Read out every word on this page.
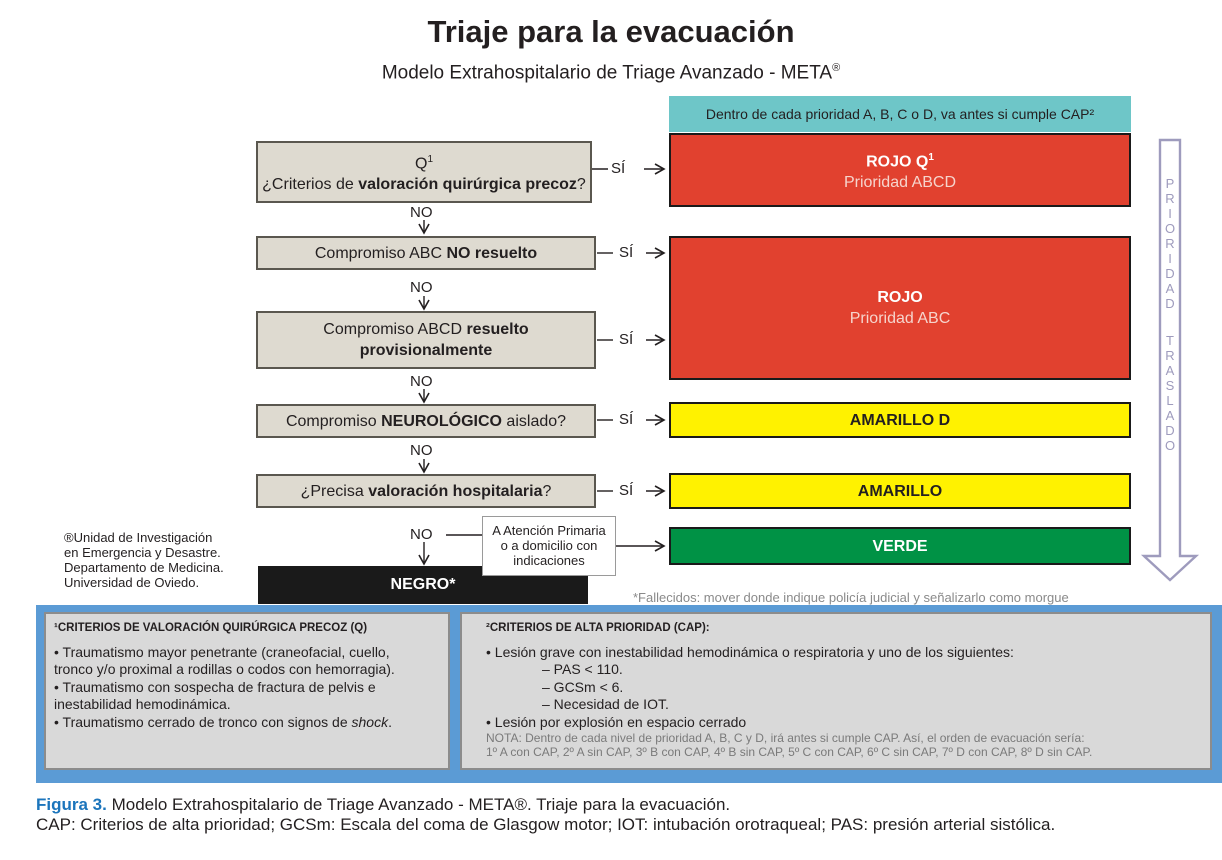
Triaje para la evacuación
Modelo Extrahospitalario de Triage Avanzado - META®
Dentro de cada prioridad A, B, C o D, va antes si cumple CAP²
$Q^1$
¿Criterios de valoración quirúrgica precoz?
Compromiso ABC NO resuelto
Compromiso ABCD resuelto
provisionalmente
Compromiso NEUROLÓGICO aislado?
¿Precisa valoración hospitalaria?
SÍ
SÍ
SÍ
SÍ
SÍ
NO
NO
NO
NO
NO
ROJO $Q^1$
Prioridad ABCD
ROJO
Prioridad ABC
AMARILLO D
AMARILLO
VERDE
NEGRO*
A Atención Primaria
o a domicilio con
indicaciones
®Unidad de Investigación
en Emergencia y Desastre.
Departamento de Medicina.
Universidad de Oviedo.
*Fallecidos: mover donde indique policía judicial y señalizarlo como morgue
P
R
I
O
R
I
D
A
D
T
R
A
S
L
A
D
O
¹CRITERIOS DE VALORACIÓN QUIRÚRGICA PRECOZ (Q)
• Traumatismo mayor penetrante (craneofacial, cuello,
tronco y/o proximal a rodillas o codos con hemorragia).
• Traumatismo con sospecha de fractura de pelvis e
inestabilidad hemodinámica.
• Traumatismo cerrado de tronco con signos de shock.
²CRITERIOS DE ALTA PRIORIDAD (CAP):
• Lesión grave con inestabilidad hemodinámica o respiratoria y uno de los siguientes:
– PAS < 110.
– GCSm < 6.
– Necesidad de IOT.
• Lesión por explosión en espacio cerrado
NOTA: Dentro de cada nivel de prioridad A, B, C y D, irá antes si cumple CAP. Así, el orden de evacuación sería:
1º A con CAP, 2º A sin CAP, 3º B con CAP, 4º B sin CAP, 5º C con CAP, 6º C sin CAP, 7º D con CAP, 8º D sin CAP.
Figura 3. Modelo Extrahospitalario de Triage Avanzado - META®. Triaje para la evacuación.
CAP: Criterios de alta prioridad; GCSm: Escala del coma de Glasgow motor; IOT: intubación orotraqueal; PAS: presión arterial sistólica.
